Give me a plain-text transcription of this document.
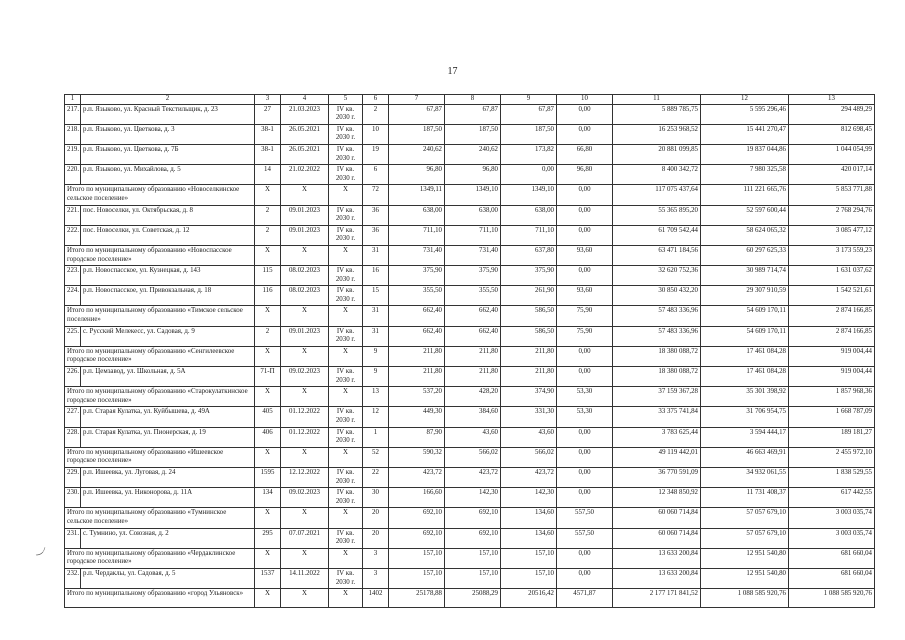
17
1	2	3	4	5	6	7	8	9	10	11	12	13
217.	р.п. Языково, ул. Красный Текстильщик, д. 23	27	21.03.2023	IV кв. 2030 г.	2	67,87	67,87	67,87	0,00	5 889 785,75	5 595 296,46	294 489,29
218.	р.п. Языково, ул. Цветкова, д. 3	38-1	26.05.2021	IV кв. 2030 г.	10	187,50	187,50	187,50	0,00	16 253 968,52	15 441 270,47	812 698,45
219.	р.п. Языково, ул. Цветкова, д. 7Б	38-1	26.05.2021	IV кв. 2030 г.	19	240,62	240,62	173,82	66,80	20 881 099,85	19 837 044,86	1 044 054,99
220.	р.п. Языково, ул. Михайлова, д. 5	14	21.02.2022	IV кв. 2030 г.	6	96,80	96,80	0,00	96,80	8 400 342,72	7 980 325,58	420 017,14
Итого по муниципальному образованию «Новоселкинское сельское поселение»		Х	Х	Х	72	1349,11	1349,10	1349,10	0,00	117 075 437,64	111 221 665,76	5 853 771,88
221.	пос. Новоселки, ул. Октябрьская, д. 8	2	09.01.2023	IV кв. 2030 г.	36	638,00	638,00	638,00	0,00	55 365 895,20	52 597 600,44	2 768 294,76
222.	пос. Новоселки, ул. Советская, д. 12	2	09.01.2023	IV кв. 2030 г.	36	711,10	711,10	711,10	0,00	61 709 542,44	58 624 065,32	3 085 477,12
Итого по муниципальному образованию «Новоспасское городское поселение»		Х	Х	Х	31	731,40	731,40	637,80	93,60	63 471 184,56	60 297 625,33	3 173 559,23
223.	р.п. Новоспасское, ул. Кузнецкая, д. 143	115	08.02.2023	IV кв. 2030 г.	16	375,90	375,90	375,90	0,00	32 620 752,36	30 989 714,74	1 631 037,62
224.	р.п. Новоспасское, ул. Привокзальная, д. 18	116	08.02.2023	IV кв. 2030 г.	15	355,50	355,50	261,90	93,60	30 850 432,20	29 307 910,59	1 542 521,61
Итого по муниципальному образованию «Тимское сельское поселение»		Х	Х	Х	31	662,40	662,40	586,50	75,90	57 483 336,96	54 609 170,11	2 874 166,85
225.	с. Русский Мелекесс, ул. Садовая, д. 9	2	09.01.2023	IV кв. 2030 г.	31	662,40	662,40	586,50	75,90	57 483 336,96	54 609 170,11	2 874 166,85
Итого по муниципальному образованию «Сенгилеевское городское поселение»		Х	Х	Х	9	211,80	211,80	211,80	0,00	18 380 088,72	17 461 084,28	919 004,44
226.	р.п. Цемзавод, ул. Школьная, д. 5А	71-П	09.02.2023	IV кв. 2030 г.	9	211,80	211,80	211,80	0,00	18 380 088,72	17 461 084,28	919 004,44
Итого по муниципальному образованию «Старокулаткинское городское поселение»		Х	Х	Х	13	537,20	428,20	374,90	53,30	37 159 367,28	35 301 398,92	1 857 968,36
227.	р.п. Старая Кулатка, ул. Куйбышева, д. 49А	405	01.12.2022	IV кв. 2030 г.	12	449,30	384,60	331,30	53,30	33 375 741,84	31 706 954,75	1 668 787,09
228.	р.п. Старая Кулатка, ул. Пионерская, д. 19	406	01.12.2022	IV кв. 2030 г.	1	87,90	43,60	43,60	0,00	3 783 625,44	3 594 444,17	189 181,27
Итого по муниципальному образованию «Ишеевское городское поселение»		Х	Х	Х	52	590,32	566,02	566,02	0,00	49 119 442,01	46 663 469,91	2 455 972,10
229.	р.п. Ишеевка, ул. Луговая, д. 24	1595	12.12.2022	IV кв. 2030 г.	22	423,72	423,72	423,72	0,00	36 770 591,09	34 932 061,55	1 838 529,55
230.	р.п. Ишеевка, ул. Никонорова, д. 11А	134	09.02.2023	IV кв. 2030 г.	30	166,60	142,30	142,30	0,00	12 348 850,92	11 731 408,37	617 442,55
Итого по муниципальному образованию «Тумнинское сельское поселение»		Х	Х	Х	20	692,10	692,10	134,60	557,50	60 060 714,84	57 057 679,10	3 003 035,74
231.	с. Тумнино, ул. Союзная, д. 2	295	07.07.2021	IV кв. 2030 г.	20	692,10	692,10	134,60	557,50	60 060 714,84	57 057 679,10	3 003 035,74
Итого по муниципальному образованию «Чердаклинское городское поселение»		Х	Х	Х	3	157,10	157,10	157,10	0,00	13 633 200,84	12 951 540,80	681 660,04
232.	р.п. Чердаклы, ул. Садовая, д. 5	1537	14.11.2022	IV кв. 2030 г.	3	157,10	157,10	157,10	0,00	13 633 200,84	12 951 540,80	681 660,04
Итого по муниципальному образованию «город Ульяновск»		Х	Х	Х	1402	25178,88	25088,29	20516,42	4571,87	2 177 171 841,52	1 088 585 920,76	1 088 585 920,76
‿⸝
